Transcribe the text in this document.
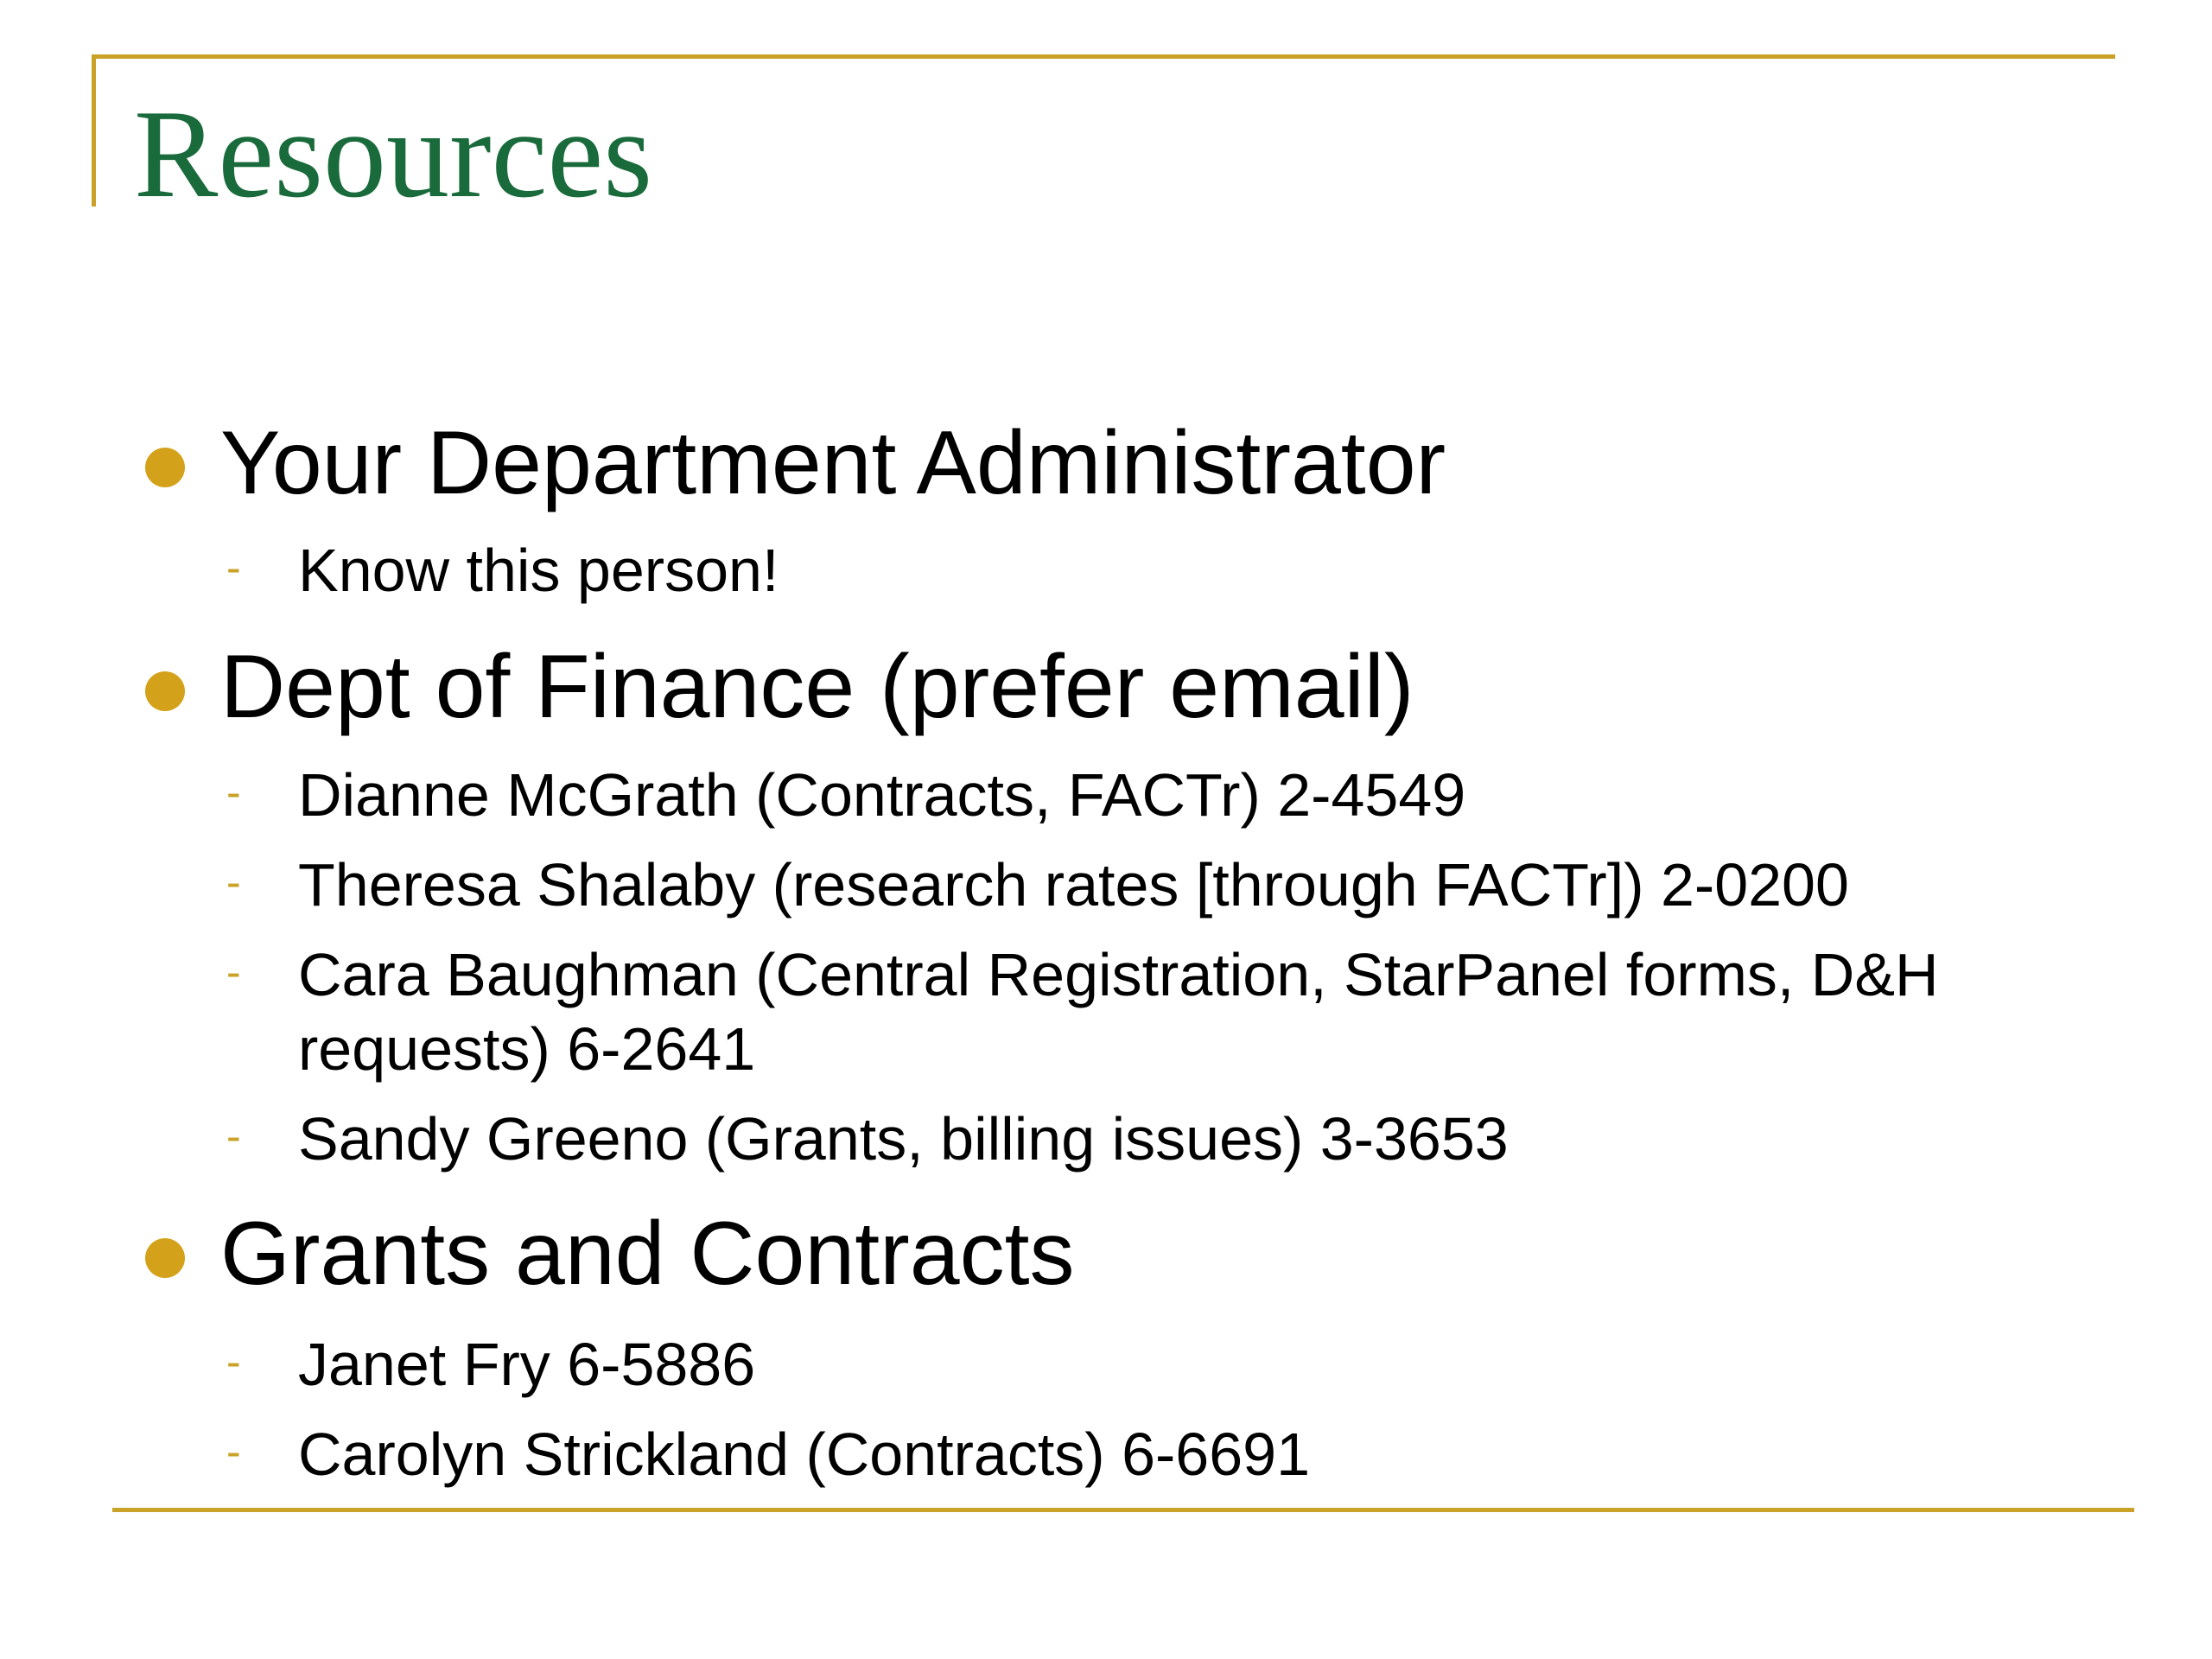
Resources

Your Department Administrator

- Know this person!

Dept of Finance (prefer email)

- Dianne McGrath (Contracts, FACTr) 2-4549

- Theresa Shalaby (research rates [through FACTr]) 2-0200

- Cara Baughman (Central Registration, StarPanel forms, D&H requests) 6-2641

- Sandy Greeno (Grants, billing issues) 3-3653

Grants and Contracts

- Janet Fry 6-5886

- Carolyn Strickland (Contracts) 6-6691
